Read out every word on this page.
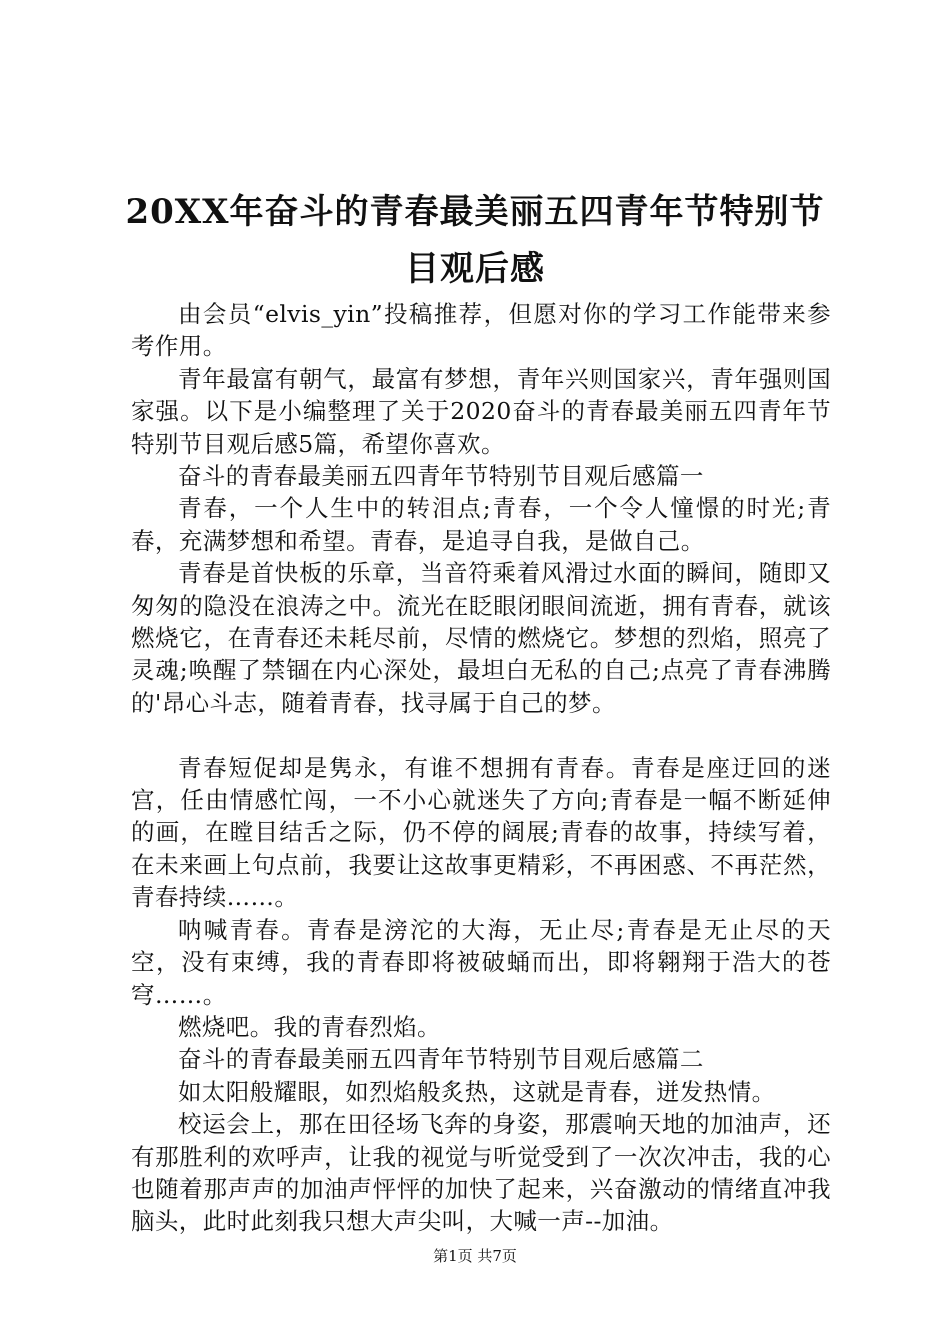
20XX年奋斗的青春最美丽五四青年节特别节
目观后感

由会员“elvis_yin”投稿推荐，但愿对你的学习工作能带来参考作用。

青年最富有朝气，最富有梦想，青年兴则国家兴，青年强则国家强。以下是小编整理了关于2020奋斗的青春最美丽五四青年节特别节目观后感5篇，希望你喜欢。

奋斗的青春最美丽五四青年节特别节目观后感篇一

青春，一个人生中的转泪点;青春，一个令人憧憬的时光;青春，充满梦想和希望。青春，是追寻自我，是做自己。

青春是首快板的乐章，当音符乘着风滑过水面的瞬间，随即又匆匆的隐没在浪涛之中。流光在眨眼闭眼间流逝，拥有青春，就该燃烧它，在青春还未耗尽前，尽情的燃烧它。梦想的烈焰，照亮了灵魂;唤醒了禁锢在内心深处，最坦白无私的自己;点亮了青春沸腾的'昂心斗志，随着青春，找寻属于自己的梦。

青春短促却是隽永，有谁不想拥有青春。青春是座迂回的迷宫，任由情感忙闯，一不小心就迷失了方向;青春是一幅不断延伸的画，在瞠目结舌之际，仍不停的阔展;青春的故事，持续写着，在未来画上句点前，我要让这故事更精彩，不再困惑、不再茫然，青春持续……。

呐喊青春。青春是滂沱的大海，无止尽;青春是无止尽的天空，没有束缚，我的青春即将被破蛹而出，即将翱翔于浩大的苍穹……。

燃烧吧。我的青春烈焰。

奋斗的青春最美丽五四青年节特别节目观后感篇二

如太阳般耀眼，如烈焰般炙热，这就是青春，迸发热情。

校运会上，那在田径场飞奔的身姿，那震响天地的加油声，还有那胜利的欢呼声，让我的视觉与听觉受到了一次次冲击，我的心也随着那声声的加油声怦怦的加快了起来，兴奋激动的情绪直冲我脑头，此时此刻我只想大声尖叫，大喊一声--加油。

第1页 共7页
